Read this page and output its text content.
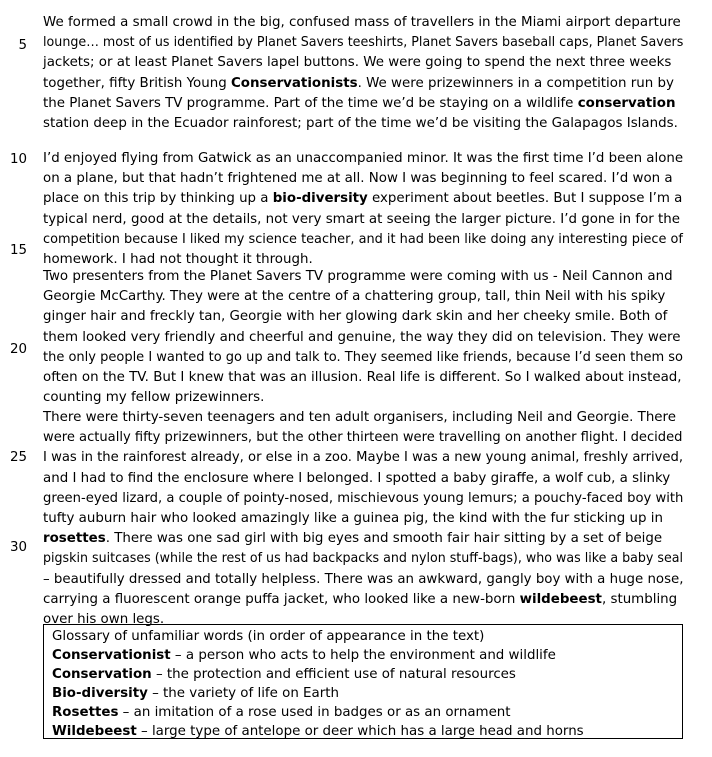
We formed a small crowd in the big, confused mass of travellers in the Miami airport departure
lounge… most of us identified by Planet Savers teeshirts, Planet Savers baseball caps, Planet Savers
jackets; or at least Planet Savers lapel buttons. We were going to spend the next three weeks
together, fifty British Young Conservationists. We were prizewinners in a competition run by
the Planet Savers TV programme. Part of the time we’d be staying on a wildlife conservation
station deep in the Ecuador rainforest; part of the time we’d be visiting the Galapagos Islands.
I’d enjoyed flying from Gatwick as an unaccompanied minor. It was the first time I’d been alone
on a plane, but that hadn’t frightened me at all. Now I was beginning to feel scared. I’d won a
place on this trip by thinking up a bio-diversity experiment about beetles. But I suppose I’m a
typical nerd, good at the details, not very smart at seeing the larger picture. I’d gone in for the
competition because I liked my science teacher, and it had been like doing any interesting piece of
homework. I had not thought it through.
Two presenters from the Planet Savers TV programme were coming with us - Neil Cannon and
Georgie McCarthy. They were at the centre of a chattering group, tall, thin Neil with his spiky
ginger hair and freckly tan, Georgie with her glowing dark skin and her cheeky smile. Both of
them looked very friendly and cheerful and genuine, the way they did on television. They were
the only people I wanted to go up and talk to. They seemed like friends, because I’d seen them so
often on the TV. But I knew that was an illusion. Real life is different. So I walked about instead,
counting my fellow prizewinners.
There were thirty-seven teenagers and ten adult organisers, including Neil and Georgie. There
were actually fifty prizewinners, but the other thirteen were travelling on another flight. I decided
I was in the rainforest already, or else in a zoo. Maybe I was a new young animal, freshly arrived,
and I had to find the enclosure where I belonged. I spotted a baby giraffe, a wolf cub, a slinky
green-eyed lizard, a couple of pointy-nosed, mischievous young lemurs; a pouchy-faced boy with
tufty auburn hair who looked amazingly like a guinea pig, the kind with the fur sticking up in
rosettes. There was one sad girl with big eyes and smooth fair hair sitting by a set of beige
pigskin suitcases (while the rest of us had backpacks and nylon stuff-bags), who was like a baby seal
– beautifully dressed and totally helpless. There was an awkward, gangly boy with a huge nose,
carrying a fluorescent orange puffa jacket, who looked like a new-born wildebeest, stumbling
over his own legs.
5
10
15
20
25
30
Glossary of unfamiliar words (in order of appearance in the text)
Conservationist – a person who acts to help the environment and wildlife
Conservation – the protection and efficient use of natural resources
Bio-diversity – the variety of life on Earth
Rosettes – an imitation of a rose used in badges or as an ornament
Wildebeest – large type of antelope or deer which has a large head and horns
